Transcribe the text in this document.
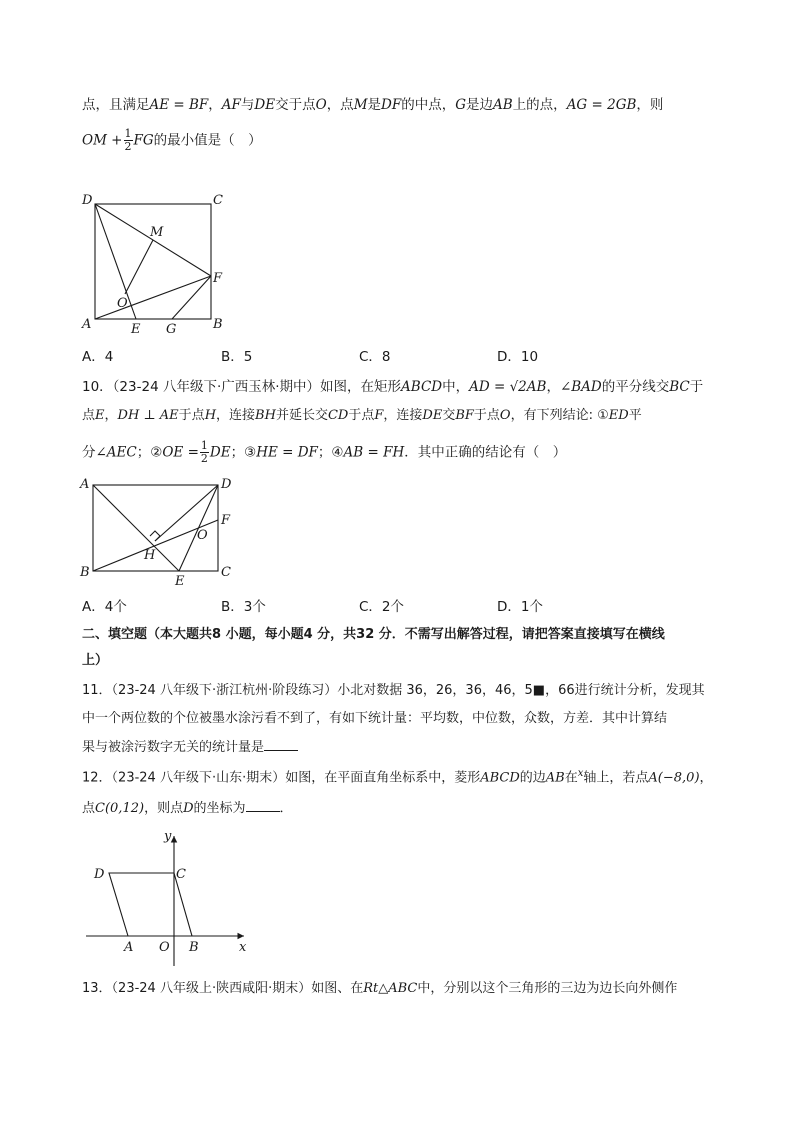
点，且满足AE = BF，AF与DE交于点O，点M是DF的中点，G是边AB上的点，AG = 2GB，则
OM + $\frac{1}{2}$ FG的最小值是（　）
D	C
M
F
O
A	E G	B
A．4	B．5	C．8	D．10
10．（23-24 八年级下·广西玉林·期中）如图，在矩形ABCD中，AD = √2AB，∠BAD的平分线交BC于
点E，DH ⊥ AE于点H，连接BH并延长交CD于点F，连接DE交BF于点O，有下列结论: ①ED平
分∠AEC；②OE = $\frac{1}{2}$ DE；③HE = DF；④AB = FH．其中正确的结论有（　）
A	D
F
O
H
B
E
C
A．4个	B．3个	C．2个	D．1个
二、填空题（本大题共8 小题，每小题4 分，共32 分．不需写出解答过程，请把答案直接填写在横线
上）
11．（23-24 八年级下·浙江杭州·阶段练习）小北对数据 36，26，36，46，5■，66进行统计分析，发现其
中一个两位数的个位被墨水涂污看不到了，有如下统计量：平均数，中位数，众数，方差．其中计算结
果与被涂污数字无关的统计量是
12．（23-24 八年级下·山东·期末）如图，在平面直角坐标系中，菱形ABCD的边AB在$^x$轴上，若点A(−8,0)，
点C(0,12)，则点D的坐标为	．
y
D	C
A O B	x
13．（23-24 八年级上·陕西咸阳·期末）如图、在Rt△ABC中，分别以这个三角形的三边为边长向外侧作
